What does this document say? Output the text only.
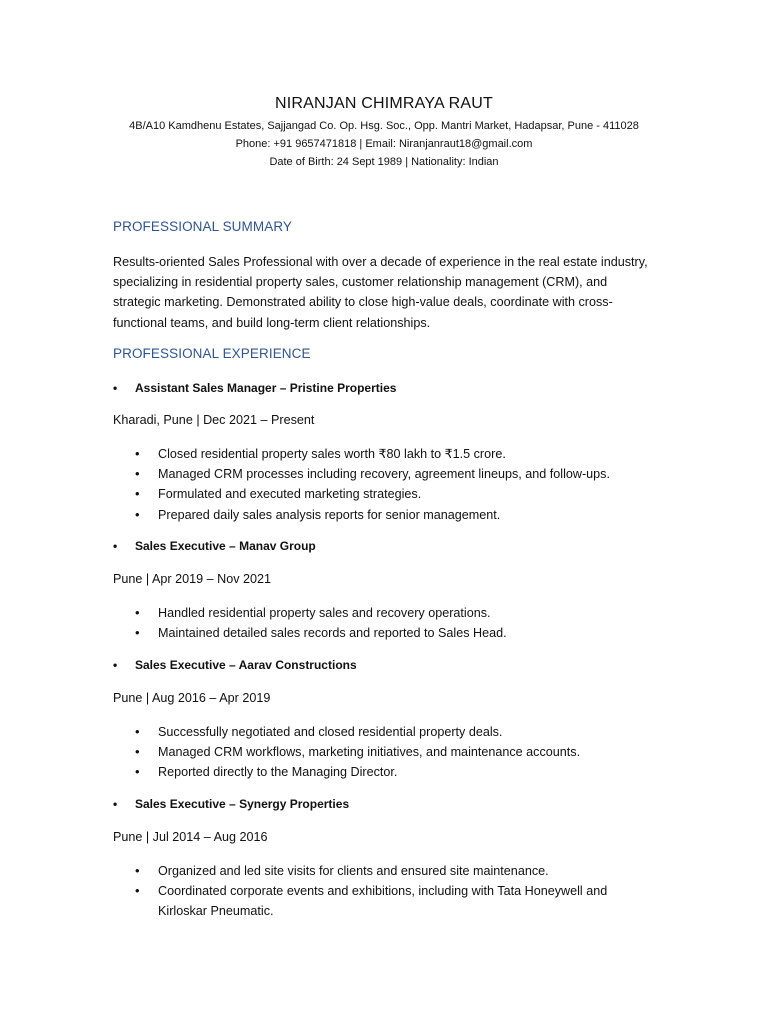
NIRANJAN CHIMRAYA RAUT
4B/A10 Kamdhenu Estates, Sajjangad Co. Op. Hsg. Soc., Opp. Mantri Market, Hadapsar, Pune - 411028
Phone: +91 9657471818 | Email: Niranjanraut18@gmail.com
Date of Birth: 24 Sept 1989 | Nationality: Indian
PROFESSIONAL SUMMARY
Results-oriented Sales Professional with over a decade of experience in the real estate industry,
specializing in residential property sales, customer relationship management (CRM), and
strategic marketing. Demonstrated ability to close high-value deals, coordinate with cross-
functional teams, and build long-term client relationships.
PROFESSIONAL EXPERIENCE
• Assistant Sales Manager – Pristine Properties
Kharadi, Pune | Dec 2021 – Present
• Closed residential property sales worth ₹80 lakh to ₹1.5 crore.
• Managed CRM processes including recovery, agreement lineups, and follow-ups.
• Formulated and executed marketing strategies.
• Prepared daily sales analysis reports for senior management.
• Sales Executive – Manav Group
Pune | Apr 2019 – Nov 2021
• Handled residential property sales and recovery operations.
• Maintained detailed sales records and reported to Sales Head.
• Sales Executive – Aarav Constructions
Pune | Aug 2016 – Apr 2019
• Successfully negotiated and closed residential property deals.
• Managed CRM workflows, marketing initiatives, and maintenance accounts.
• Reported directly to the Managing Director.
• Sales Executive – Synergy Properties
Pune | Jul 2014 – Aug 2016
• Organized and led site visits for clients and ensured site maintenance.
• Coordinated corporate events and exhibitions, including with Tata Honeywell and
Kirloskar Pneumatic.
